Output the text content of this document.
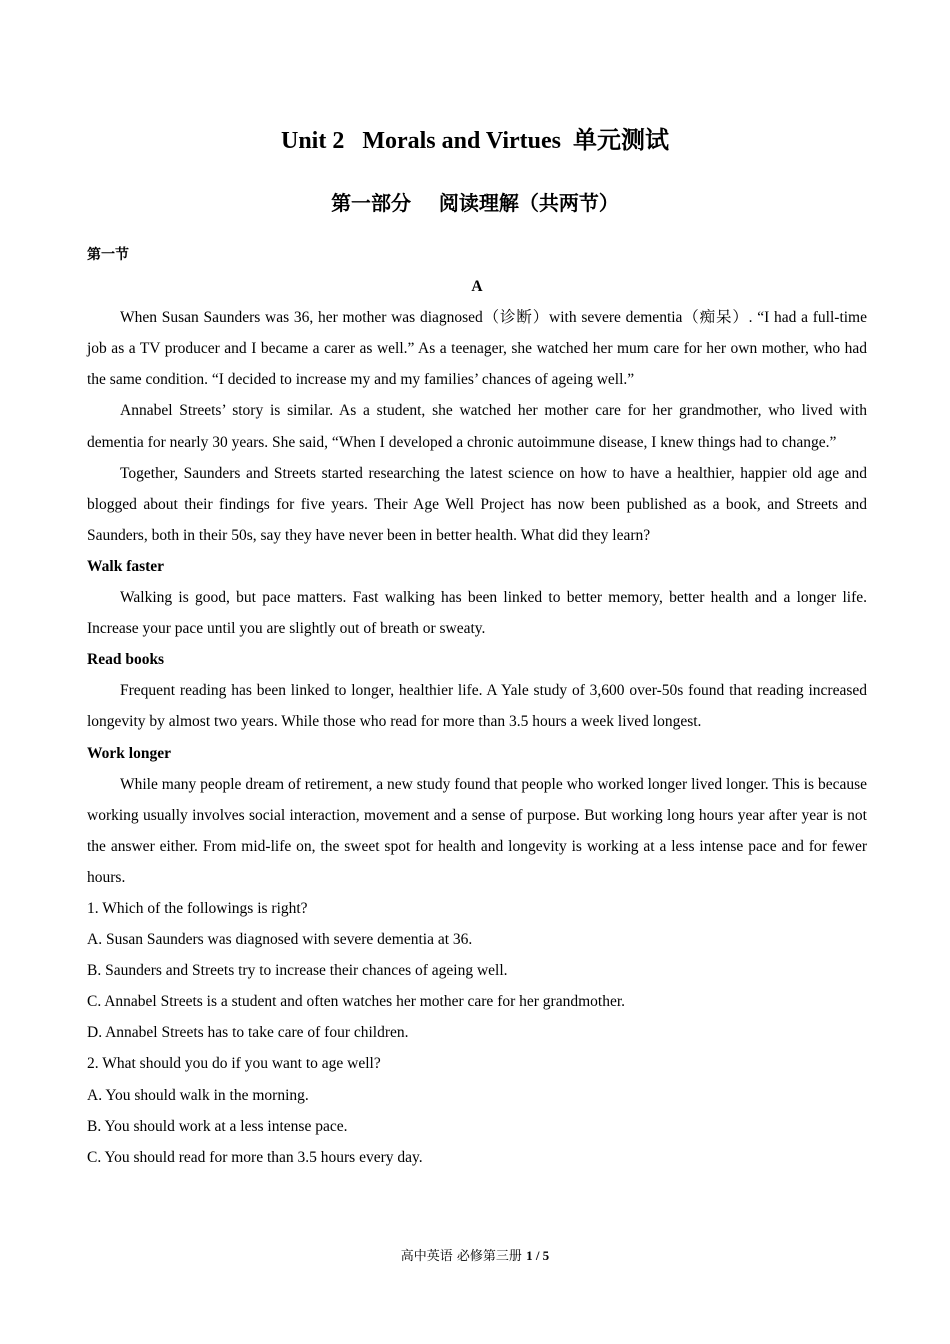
Unit 2   Morals and Virtues  单元测试
第一部分    阅读理解（共两节）
第一节
A

When Susan Saunders was 36, her mother was diagnosed（诊断）with severe dementia（痴呆）. “I had a full-time job as a TV producer and I became a carer as well.” As a teenager, she watched her mum care for her own mother, who had the same condition. “I decided to increase my and my families’ chances of ageing well.”

Annabel Streets’ story is similar. As a student, she watched her mother care for her grandmother, who lived with dementia for nearly 30 years. She said, “When I developed a chronic autoimmune disease, I knew things had to change.”

Together, Saunders and Streets started researching the latest science on how to have a healthier, happier old age and blogged about their findings for five years. Their Age Well Project has now been published as a book, and Streets and Saunders, both in their 50s, say they have never been in better health. What did they learn?

Walk faster

Walking is good, but pace matters. Fast walking has been linked to better memory, better health and a longer life. Increase your pace until you are slightly out of breath or sweaty.

Read books

Frequent reading has been linked to longer, healthier life. A Yale study of 3,600 over-50s found that reading increased longevity by almost two years. While those who read for more than 3.5 hours a week lived longest.

Work longer

While many people dream of retirement, a new study found that people who worked longer lived longer. This is because working usually involves social interaction, movement and a sense of purpose. But working long hours year after year is not the answer either. From mid-life on, the sweet spot for health and longevity is working at a less intense pace and for fewer hours.

1. Which of the followings is right?

A. Susan Saunders was diagnosed with severe dementia at 36.

B. Saunders and Streets try to increase their chances of ageing well.

C. Annabel Streets is a student and often watches her mother care for her grandmother.

D. Annabel Streets has to take care of four children.

2. What should you do if you want to age well?

A. You should walk in the morning.

B. You should work at a less intense pace.

C. You should read for more than 3.5 hours every day.

高中英语 必修第三册 1 / 5
